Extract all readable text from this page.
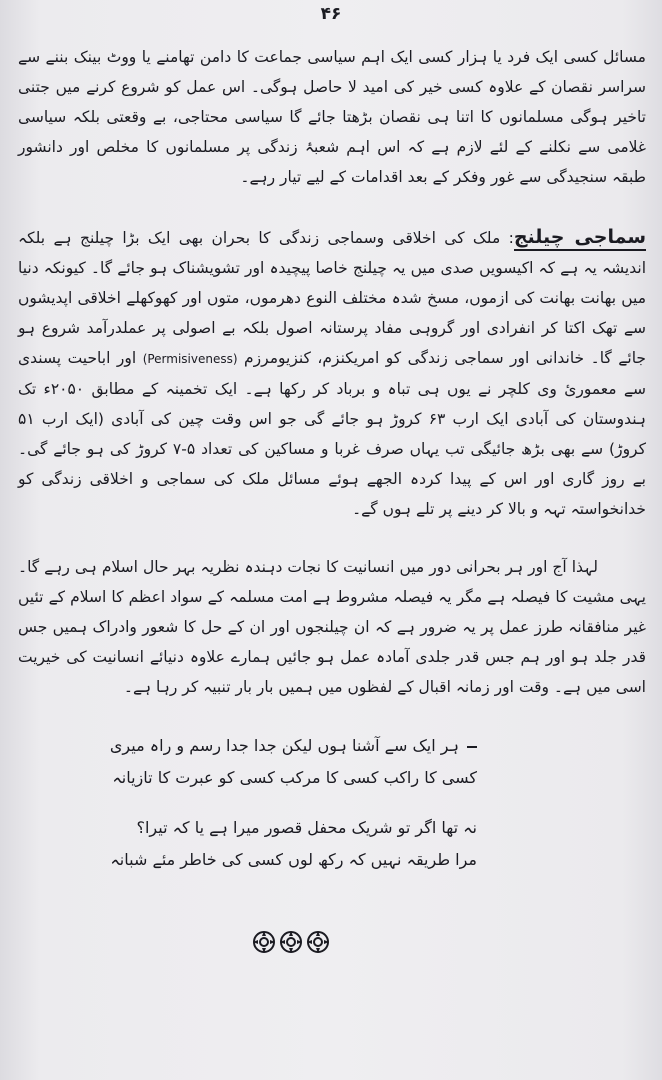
۴۶

مسائل کسی ایک فرد یا ہزار کسی ایک اہم سیاسی جماعت کا دامن تھامنے یا ووٹ بینک بننے سے سراسر نقصان کے علاوہ کسی خیر کی امید لا حاصل ہوگی۔ اس عمل کو شروع کرنے میں جتنی تاخیر ہوگی مسلمانوں کا اتنا ہی نقصان بڑھتا جائے گا سیاسی محتاجی، بے وقعتی بلکہ سیاسی غلامی سے نکلنے کے لئے لازم ہے کہ اس اہم شعبۂ زندگی پر مسلمانوں کا مخلص اور دانشور طبقہ سنجیدگی سے غور وفکر کے بعد اقدامات کے لیے تیار رہے۔

سماجی چیلنج: ملک کی اخلاقی وسماجی زندگی کا بحران بھی ایک بڑا چیلنج ہے بلکہ اندیشہ یہ ہے کہ اکیسویں صدی میں یہ چیلنج خاصا پیچیدہ اور تشویشناک ہو جائے گا۔ کیونکہ دنیا میں بھانت بھانت کی ازموں، مسخ شدہ مختلف النوع دھرموں، متوں اور کھوکھلے اخلاقی اپدیشوں سے تھک اکتا کر انفرادی اور گروہی مفاد پرستانہ اصول بلکہ بے اصولی پر عملدرآمد شروع ہو جائے گا۔ خاندانی اور سماجی زندگی کو امریکنزم، کنزیومرزم (Permisiveness) اور اباحیت پسندی سے معموریٔ وی کلچر نے یوں ہی تباہ و برباد کر رکھا ہے۔ ایک تخمینہ کے مطابق ۲۰۵۰ء تک ہندوستان کی آبادی ایک ارب ۶۳ کروڑ ہو جائے گی جو اس وقت چین کی آبادی (ایک ارب ۵۱ کروڑ) سے بھی بڑھ جائیگی تب یہاں صرف غربا و مساکین کی تعداد ۵-۷ کروڑ کی ہو جائے گی۔ بے روز گاری اور اس کے پیدا کردہ الجھے ہوئے مسائل ملک کی سماجی و اخلاقی زندگی کو خدانخواستہ تہہ و بالا کر دینے پر تلے ہوں گے۔

لہذا آج اور ہر بحرانی دور میں انسانیت کا نجات دہندہ نظریہ بہر حال اسلام ہی رہے گا۔ یہی مشیت کا فیصلہ ہے مگر یہ فیصلہ مشروط ہے امت مسلمہ کے سواد اعظم کا اسلام کے تئیں غیر منافقانہ طرز عمل پر یہ ضرور ہے کہ ان چیلنجوں اور ان کے حل کا شعور وادراک ہمیں جس قدر جلد ہو اور ہم جس قدر جلدی آمادہ عمل ہو جائیں ہمارے علاوہ دنیائے انسانیت کی خیریت اسی میں ہے۔ وقت اور زمانہ اقبال کے لفظوں میں ہمیں بار بار تنبیہ کر رہا ہے۔

ہر ایک سے آشنا ہوں لیکن جدا جدا رسم و راہ میری
کسی کا راکب کسی کا مرکب کسی کو عبرت کا تازیانہ
نہ تھا اگر تو شریک محفل قصور میرا ہے یا کہ تیرا؟
مرا طریقہ نہیں کہ رکھ لوں کسی کی خاطر مئے شبانہ
